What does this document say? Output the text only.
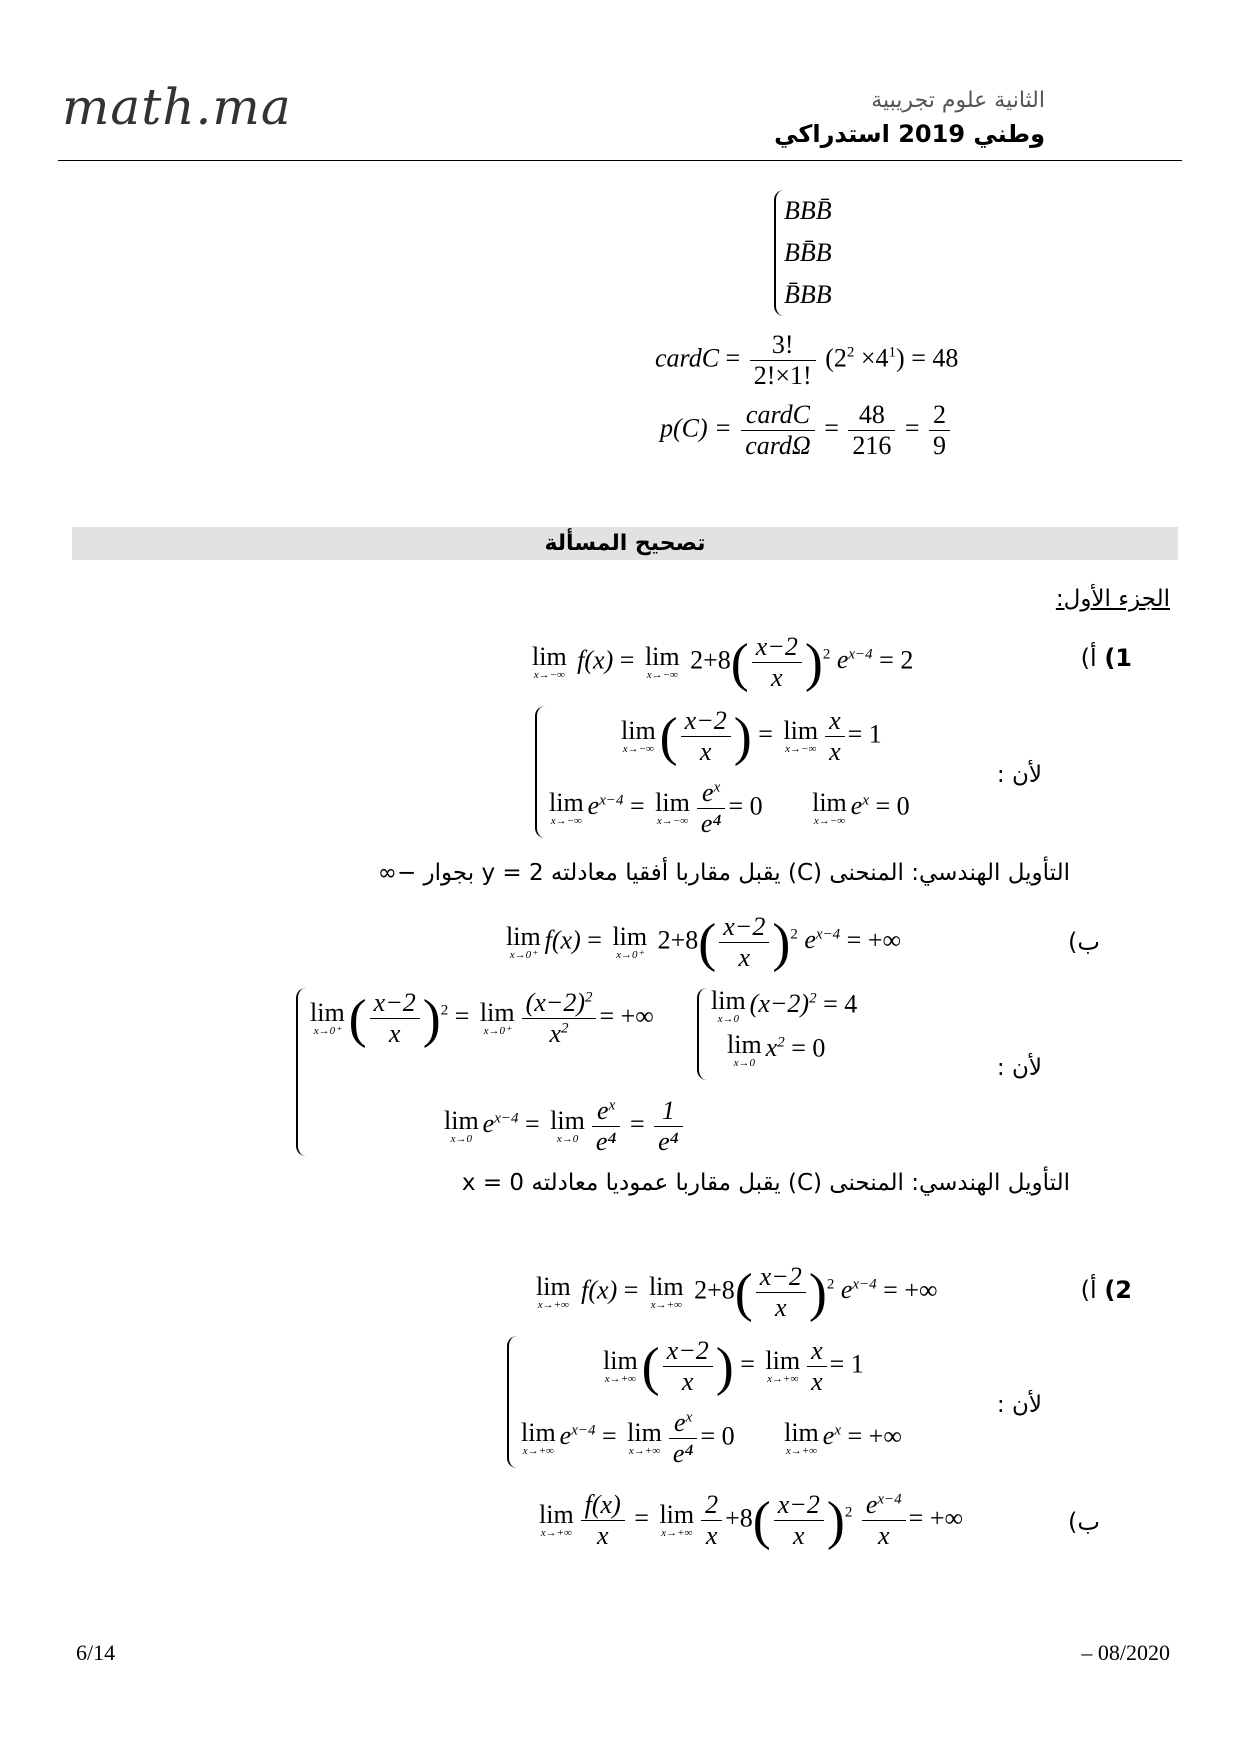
math.ma	الثانية علوم تجريبية
وطني 2019 استدراكي
BBB̄
BB̄B
B̄BB
cardC = $\frac{3!}{2!\times 1!} (2^2 \times 4^1) = 48$
$p(C) = \frac{\text{cardC}}{\text{cardΩ}} = \frac{48}{216} = \frac{2}{9}$
تصحيح المسألة
الجزء الأول:
1) أ)
lim
x→−∞
f(x) = lim
x→−∞
$2+8( \frac{x-2}{x} )^2$ $e^{x-4} = 2$
لأن :
lim
x→−∞ ( $\frac{x-2}{x}$ ) = lim
$x\to-\infty \frac{x}{x} = 1$
lim
x→−∞
$e^{x-4} = \lim$
$x\to-\infty \frac{e^x}{\text{e⁴}} = 0$ lim
x→−∞
$e^x = 0$
التأويل الهندسي: المنحنى (C) يقبل مقاربا أفقيا معادلته y = 2 بجوار −∞
ب)
lim
x→0⁺
f(x) = lim
x→0⁺
$2+8( \frac{x-2}{x} )^2$ $e^{x-4}$ = +∞
لأن :
lim
x→0⁺ ( $\frac{x-2}{x} )^2 = \lim$
$x\to 0^+ \frac{(x-2)^2}{x^2}$ = +∞
lim
x→0
$e^{x-4} = \lim$
$x\to 0 \frac{e^x}{\text{e⁴}} = \frac{1}{\text{e⁴}}$
lim
x→0
$(x-2)^2 = 4$
lim
x→0
$x^2 = 0$
التأويل الهندسي: المنحنى (C) يقبل مقاربا عموديا معادلته x = 0
2) أ)
lim
x→+∞
f(x) = lim
x→+∞
$2+8( \frac{x-2}{x} )^2$ $e^{x-4}$ = +∞
لأن :
lim
x→+∞ ( $\frac{x-2}{x}$ ) = lim
$x\to+\infty \frac{x}{x} = 1$
lim
x→+∞
$e^{x-4} = \lim$
$x\to+\infty \frac{e^x}{\text{e⁴}} = 0$ lim
x→+∞
$e^x$ = +∞
ب)
lim
$x\to+\infty \frac{f(x)}{x} = \lim$
$x\to+\infty \frac{2}{x} +8( \frac{x-2}{x} )^2 \frac{e^{x-4}}{x}$ = +∞
6/14	– 08/2020
